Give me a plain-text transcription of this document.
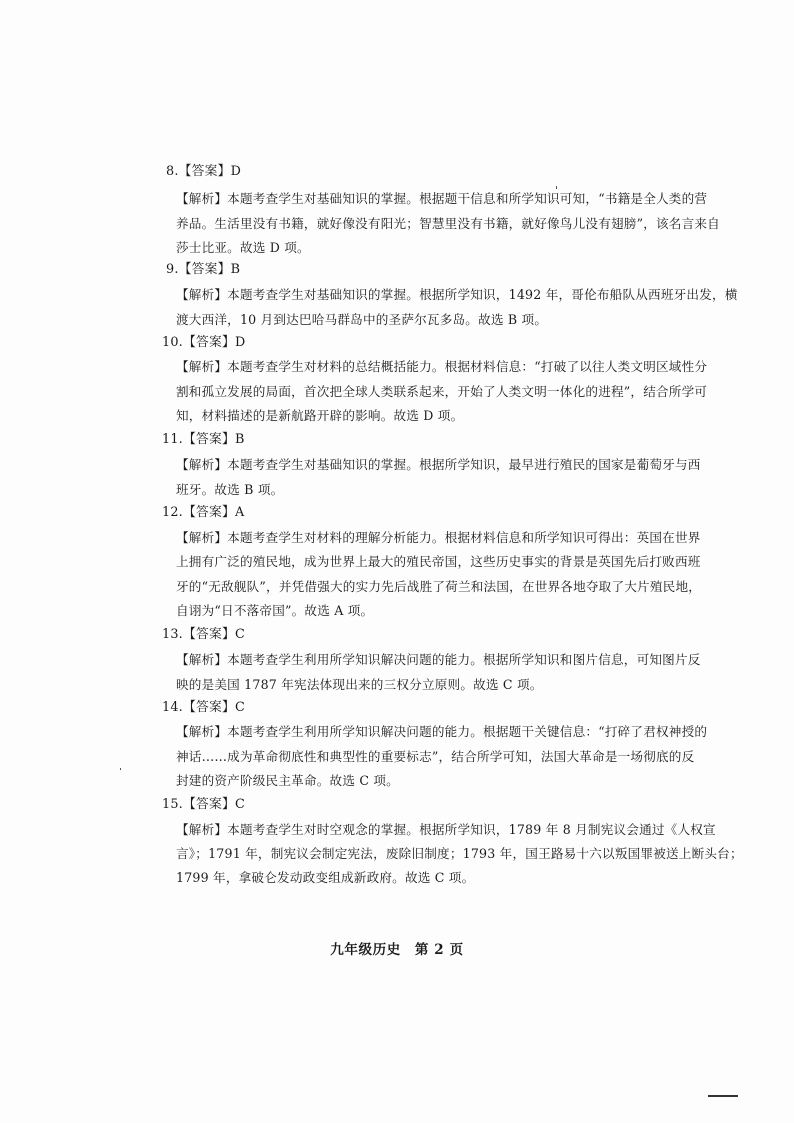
8.【答案】D
【解析】本题考查学生对基础知识的掌握。根据题干信息和所学知识可知，“书籍是全人类的营
养品。生活里没有书籍，就好像没有阳光；智慧里没有书籍，就好像鸟儿没有翅膀”，该名言来自
莎士比亚。故选 D 项。
9.【答案】B
【解析】本题考查学生对基础知识的掌握。根据所学知识，1492 年，哥伦布船队从西班牙出发，横
渡大西洋，10 月到达巴哈马群岛中的圣萨尔瓦多岛。故选 B 项。
10.【答案】D
【解析】本题考查学生对材料的总结概括能力。根据材料信息：“打破了以往人类文明区域性分
割和孤立发展的局面，首次把全球人类联系起来，开始了人类文明一体化的进程”，结合所学可
知，材料描述的是新航路开辟的影响。故选 D 项。
11.【答案】B
【解析】本题考查学生对基础知识的掌握。根据所学知识，最早进行殖民的国家是葡萄牙与西
班牙。故选 B 项。
12.【答案】A
【解析】本题考查学生对材料的理解分析能力。根据材料信息和所学知识可得出：英国在世界
上拥有广泛的殖民地，成为世界上最大的殖民帝国，这些历史事实的背景是英国先后打败西班
牙的“无敌舰队”，并凭借强大的实力先后战胜了荷兰和法国，在世界各地夺取了大片殖民地，
自诩为“日不落帝国”。故选 A 项。
13.【答案】C
【解析】本题考查学生利用所学知识解决问题的能力。根据所学知识和图片信息，可知图片反
映的是美国 1787 年宪法体现出来的三权分立原则。故选 C 项。
14.【答案】C
【解析】本题考查学生利用所学知识解决问题的能力。根据题干关键信息：“打碎了君权神授的
神话……成为革命彻底性和典型性的重要标志”，结合所学可知，法国大革命是一场彻底的反
封建的资产阶级民主革命。故选 C 项。
15.【答案】C
【解析】本题考查学生对时空观念的掌握。根据所学知识，1789 年 8 月制宪议会通过《人权宣
言》；1791 年，制宪议会制定宪法，废除旧制度；1793 年，国王路易十六以叛国罪被送上断头台；
1799 年，拿破仑发动政变组成新政府。故选 C 项。
九年级历史　第 2 页
